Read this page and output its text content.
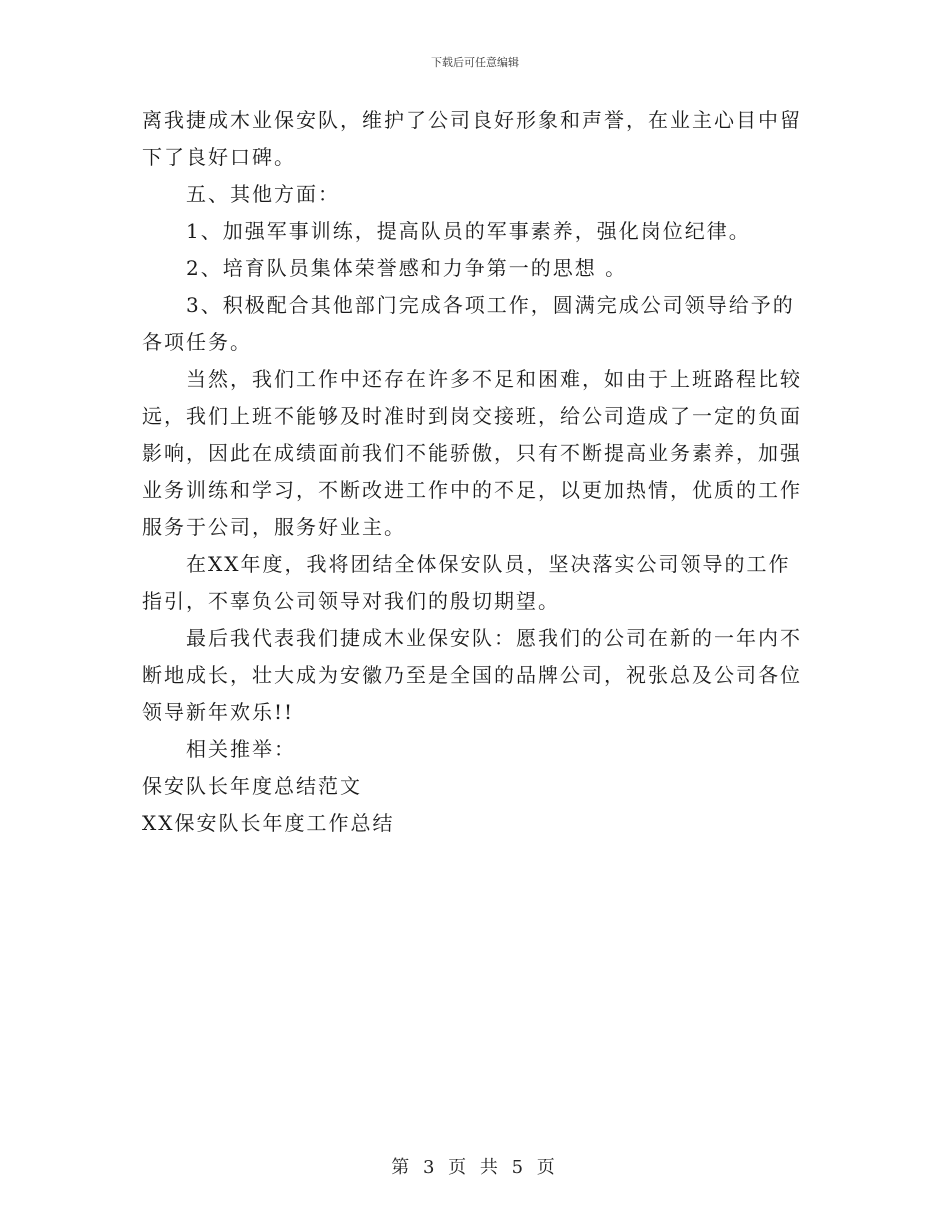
下载后可任意编辑

离我捷成木业保安队，维护了公司良好形象和声誉，在业主心目中留下了良好口碑。

五、其他方面：

1、加强军事训练，提高队员的军事素养，强化岗位纪律。

2、培育队员集体荣誉感和力争第一的思想 。

3、积极配合其他部门完成各项工作，圆满完成公司领导给予的各项任务。

当然，我们工作中还存在许多不足和困难，如由于上班路程比较远，我们上班不能够及时准时到岗交接班，给公司造成了一定的负面影响，因此在成绩面前我们不能骄傲，只有不断提高业务素养，加强业务训练和学习，不断改进工作中的不足，以更加热情，优质的工作服务于公司，服务好业主。

在XX年度，我将团结全体保安队员，坚决落实公司领导的工作指引，不辜负公司领导对我们的殷切期望。

最后我代表我们捷成木业保安队：愿我们的公司在新的一年内不断地成长，壮大成为安徽乃至是全国的品牌公司，祝张总及公司各位领导新年欢乐!!

相关推举：

保安队长年度总结范文

XX保安队长年度工作总结

第 3 页 共 5 页
